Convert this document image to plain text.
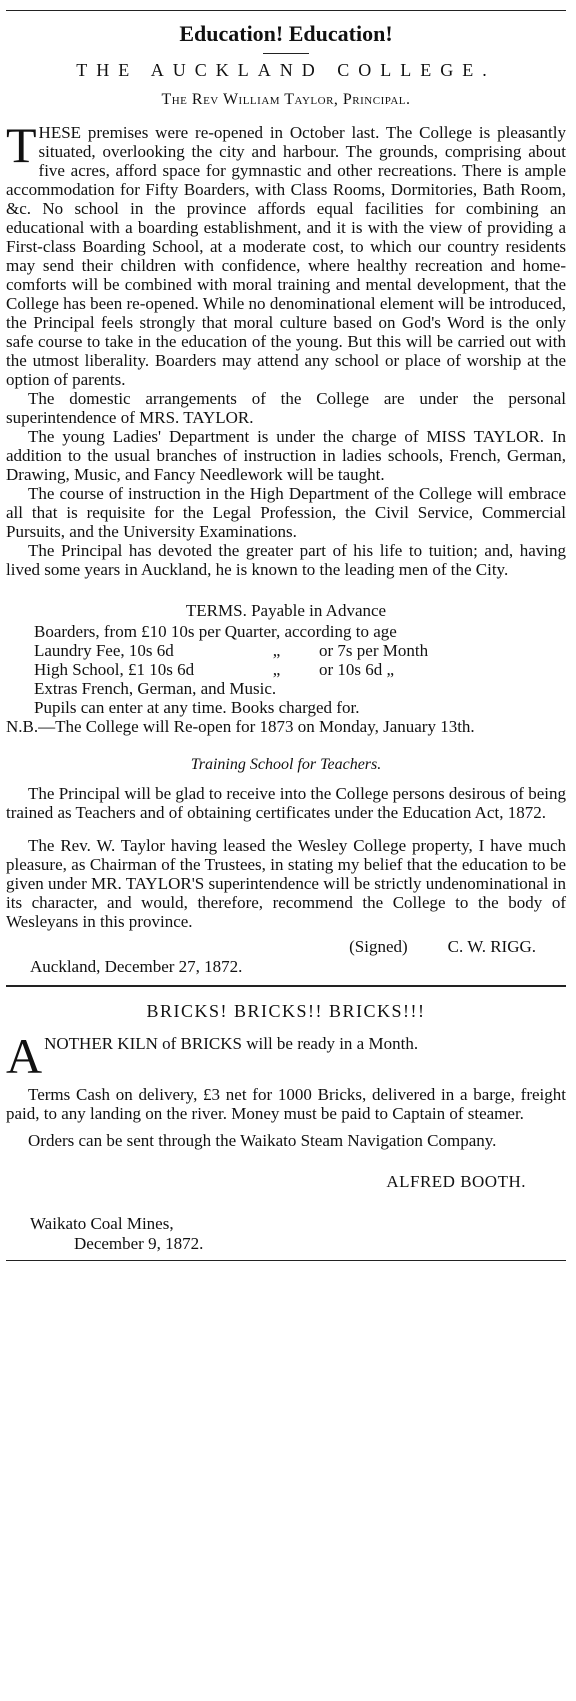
Education! Education!
THE AUCKLAND COLLEGE.
The Rev William Taylor, Principal.

THESE premises were re-opened in October last. The College is pleasantly situated, overlooking the city and harbour. The grounds, comprising about five acres, afford space for gymnastic and other recreations. There is ample accommodation for Fifty Boarders, with Class Rooms, Dormitories, Bath Room, &c. No school in the province affords equal facilities for combining an educational with a boarding establishment, and it is with the view of providing a First-class Boarding School, at a moderate cost, to which our country residents may send their children with confidence, where healthy recreation and home-comforts will be combined with moral training and mental development, that the College has been re-opened. While no denominational element will be introduced, the Principal feels strongly that moral culture based on God's Word is the only safe course to take in the education of the young. But this will be carried out with the utmost liberality. Boarders may attend any school or place of worship at the option of parents.

The domestic arrangements of the College are under the personal superintendence of MRS. TAYLOR.

The young Ladies' Department is under the charge of MISS TAYLOR. In addition to the usual branches of instruction in ladies schools, French, German, Drawing, Music, and Fancy Needlework will be taught.

The course of instruction in the High Department of the College will embrace all that is requisite for the Legal Profession, the Civil Service, Commercial Pursuits, and the University Examinations.

The Principal has devoted the greater part of his life to tuition; and, having lived some years in Auckland, he is known to the leading men of the City.

TERMS. Payable in Advance
Boarders, from £10 10s per Quarter, according to age
Laundry Fee, 10s 6d	„	or 7s per Month
High School, £1 10s 6d	„	or 10s 6d „
Extras French, German, and Music.
Pupils can enter at any time. Books charged for.
N.B.—The College will Re-open for 1873 on Monday, January 13th.
Training School for Teachers.

The Principal will be glad to receive into the College persons desirous of being trained as Teachers and of obtaining certificates under the Education Act, 1872.

The Rev. W. Taylor having leased the Wesley College property, I have much pleasure, as Chairman of the Trustees, in stating my belief that the education to be given under MR. TAYLOR'S superintendence will be strictly undenominational in its character, and would, therefore, recommend the College to the body of Wesleyans in this province.

(Signed) C. W. RIGG.
Auckland, December 27, 1872.
BRICKS! BRICKS!! BRICKS!!!

ANOTHER KILN of BRICKS will be ready in a Month.

Terms Cash on delivery, £3 net for 1000 Bricks, delivered in a barge, freight paid, to any landing on the river. Money must be paid to Captain of steamer.

Orders can be sent through the Waikato Steam Navigation Company.

ALFRED BOOTH.
Waikato Coal Mines,
December 9, 1872.
